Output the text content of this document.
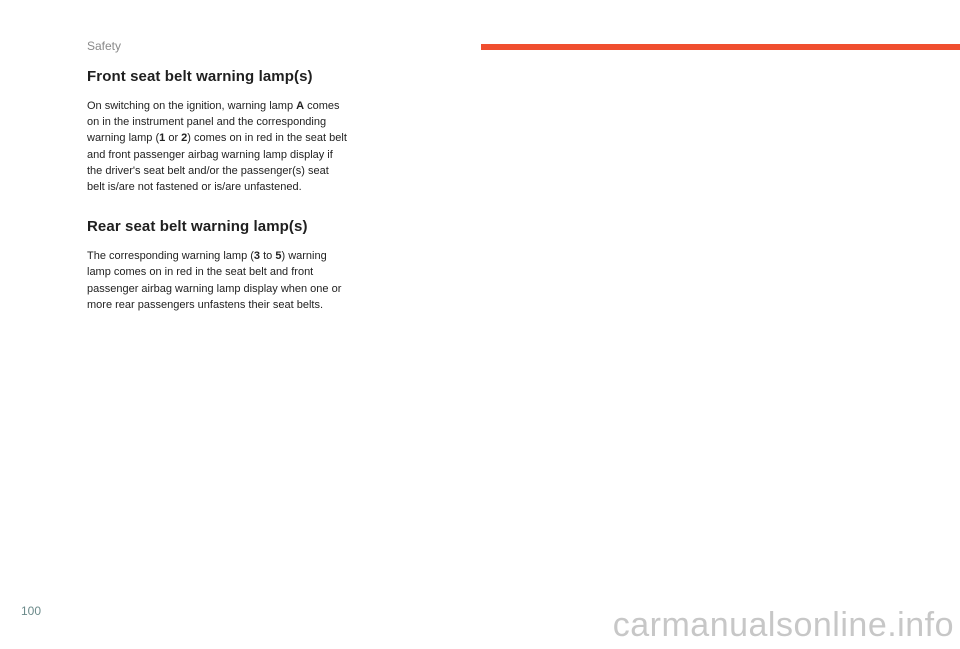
Safety
Front seat belt warning lamp(s)

On switching on the ignition, warning lamp A comes on in the instrument panel and the corresponding warning lamp (1 or 2) comes on in red in the seat belt and front passenger airbag warning lamp display if the driver's seat belt and/or the passenger(s) seat belt is/are not fastened or is/are unfastened.

Rear seat belt warning lamp(s)

The corresponding warning lamp (3 to 5) warning lamp comes on in red in the seat belt and front passenger airbag warning lamp display when one or more rear passengers unfastens their seat belts.

100	carmanualsonline.info
